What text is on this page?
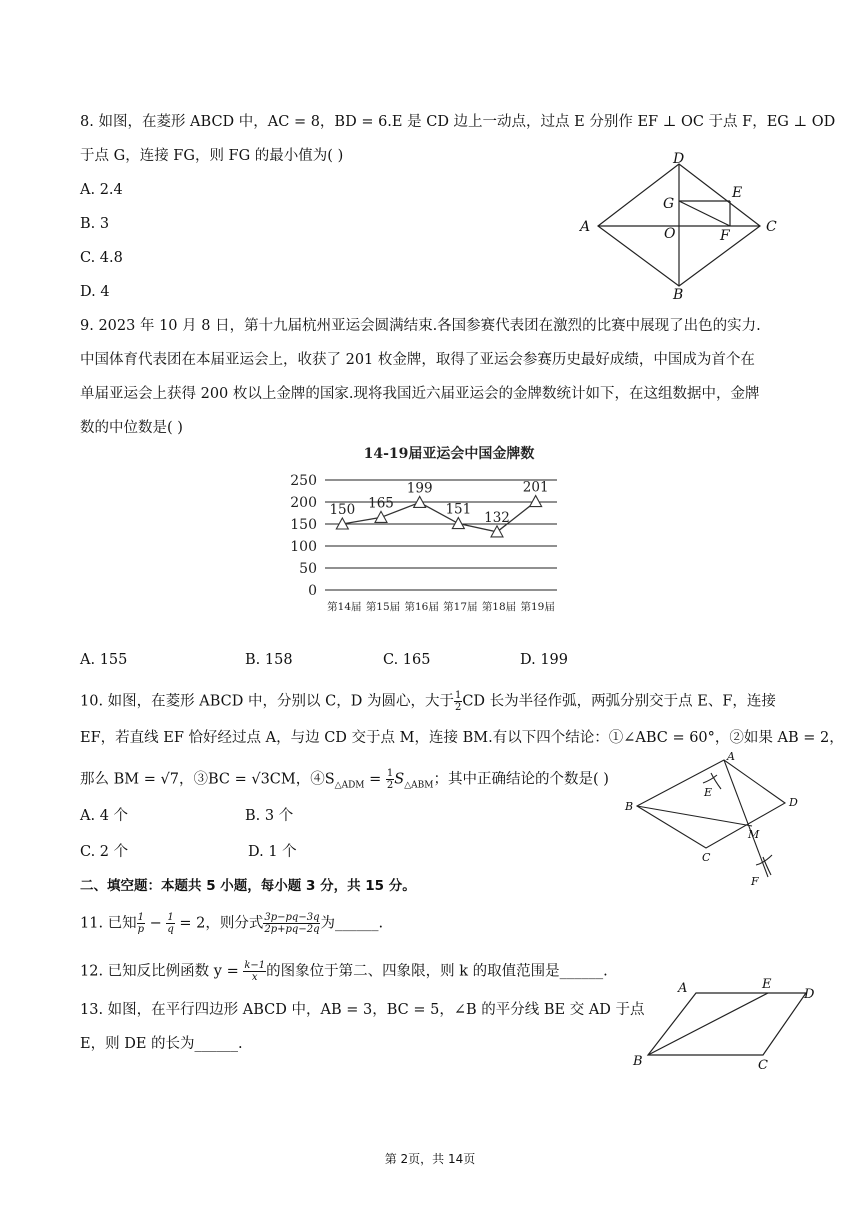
8. 如图，在菱形 ABCD 中，AC = 8，BD = 6.E 是 CD 边上一动点，过点 E 分别作 EF ⊥ OC 于点 F，EG ⊥ OD
于点 G，连接 FG，则 FG 的最小值为( )
A. 2.4
B. 3
C. 4.8
D. 4
D
E
G
A	O	F
C
B
9. 2023 年 10 月 8 日，第十九届杭州亚运会圆满结束.各国参赛代表团在激烈的比赛中展现了出色的实力.
中国体育代表团在本届亚运会上，收获了 201 枚金牌，取得了亚运会参赛历史最好成绩，中国成为首个在
单届亚运会上获得 200 枚以上金牌的国家.现将我国近六届亚运会的金牌数统计如下，在这组数据中，金牌
数的中位数是( )
14-19届亚运会中国金牌数
250
200
150
100
50
0
第14届 第15届 第16届 第17届 第18届 第19届
150 165
199
151
132
201
A. 155	B. 158	C. 165	D. 199
10. 如图，在菱形 ABCD 中，分别以 C，D 为圆心，大于 $\frac{1}{2}$ CD 长为半径作弧，两弧分别交于点 E、F，连接
EF，若直线 EF 恰好经过点 A，与边 CD 交于点 M，连接 BM.有以下四个结论：①∠ABC = 60°，②如果 AB = 2，
那么 BM = √7，③BC = √3CM，$④S_{\triangle ADM} = \frac{1}{2} S_{\triangle ABM}$；其中正确结论的个数是( )
A. 4 个	B. 3 个
C. 2 个	D. 1 个
A
E
B	D
M
C
F
二、填空题：本题共 5 小题，每小题 3 分，共 15 分。
11. 已知 $\frac{1}{p} - \frac{1}{q} = 2$，则分式 $\frac{3p-pq-3q}{2p+pq-2q}$ 为______.
12. 已知反比例函数 $y = \frac{k-1}{x}$ 的图象位于第二、四象限，则 k 的取值范围是______.
13. 如图，在平行四边形 ABCD 中，AB = 3，BC = 5，∠B 的平分线 BE 交 AD 于点
E，则 DE 的长为______.
A	E
D
B	C
第 2页，共 14页
